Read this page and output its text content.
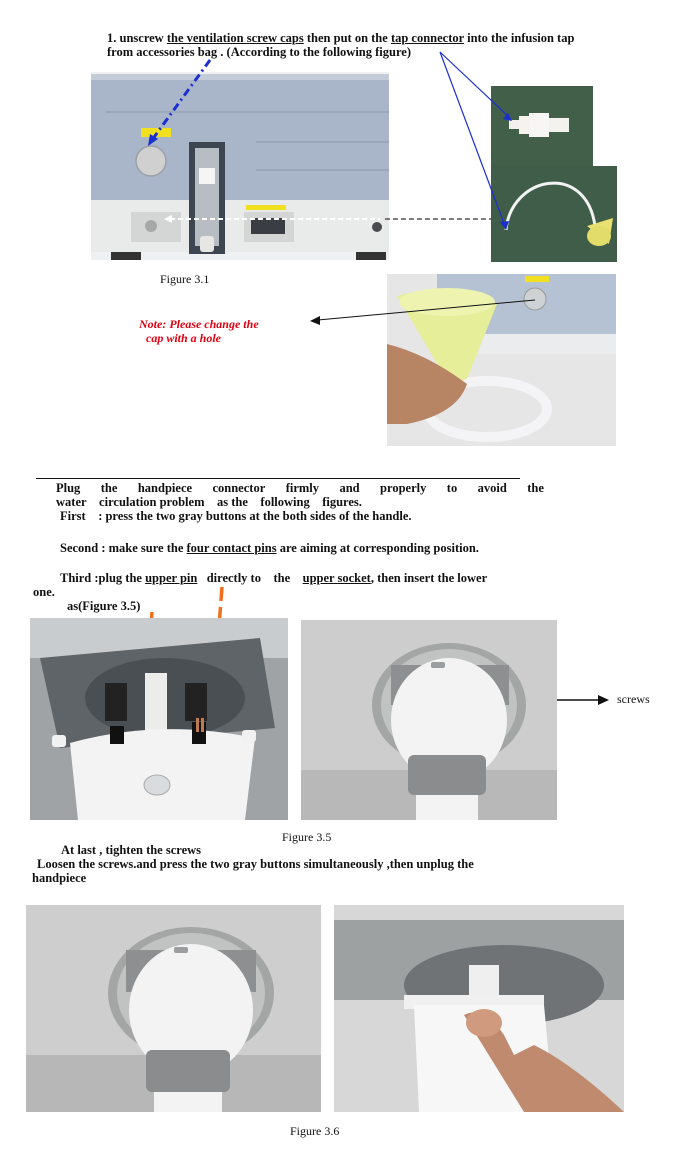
1. unscrew the ventilation screw caps then put on the tap connector into the infusion tap
from accessories bag . (According to the following figure)
Figure 3.1
Note: Please change the
cap with a hole
Plug the handpiece connector firmly and properly to avoid the
water circulation problem as the following figures.
First : press the two gray buttons at the both sides of the handle.
Second : make sure the four contact pins are aiming at corresponding position.
Third :plug the upper pin   directly to    the    upper socket, then insert the lower
one.
as(Figure 3.5)
screws
Figure 3.5
At last , tighten the screws
Loosen the screws.and press the two gray buttons simultaneously ,then unplug the
handpiece
Figure 3.6
